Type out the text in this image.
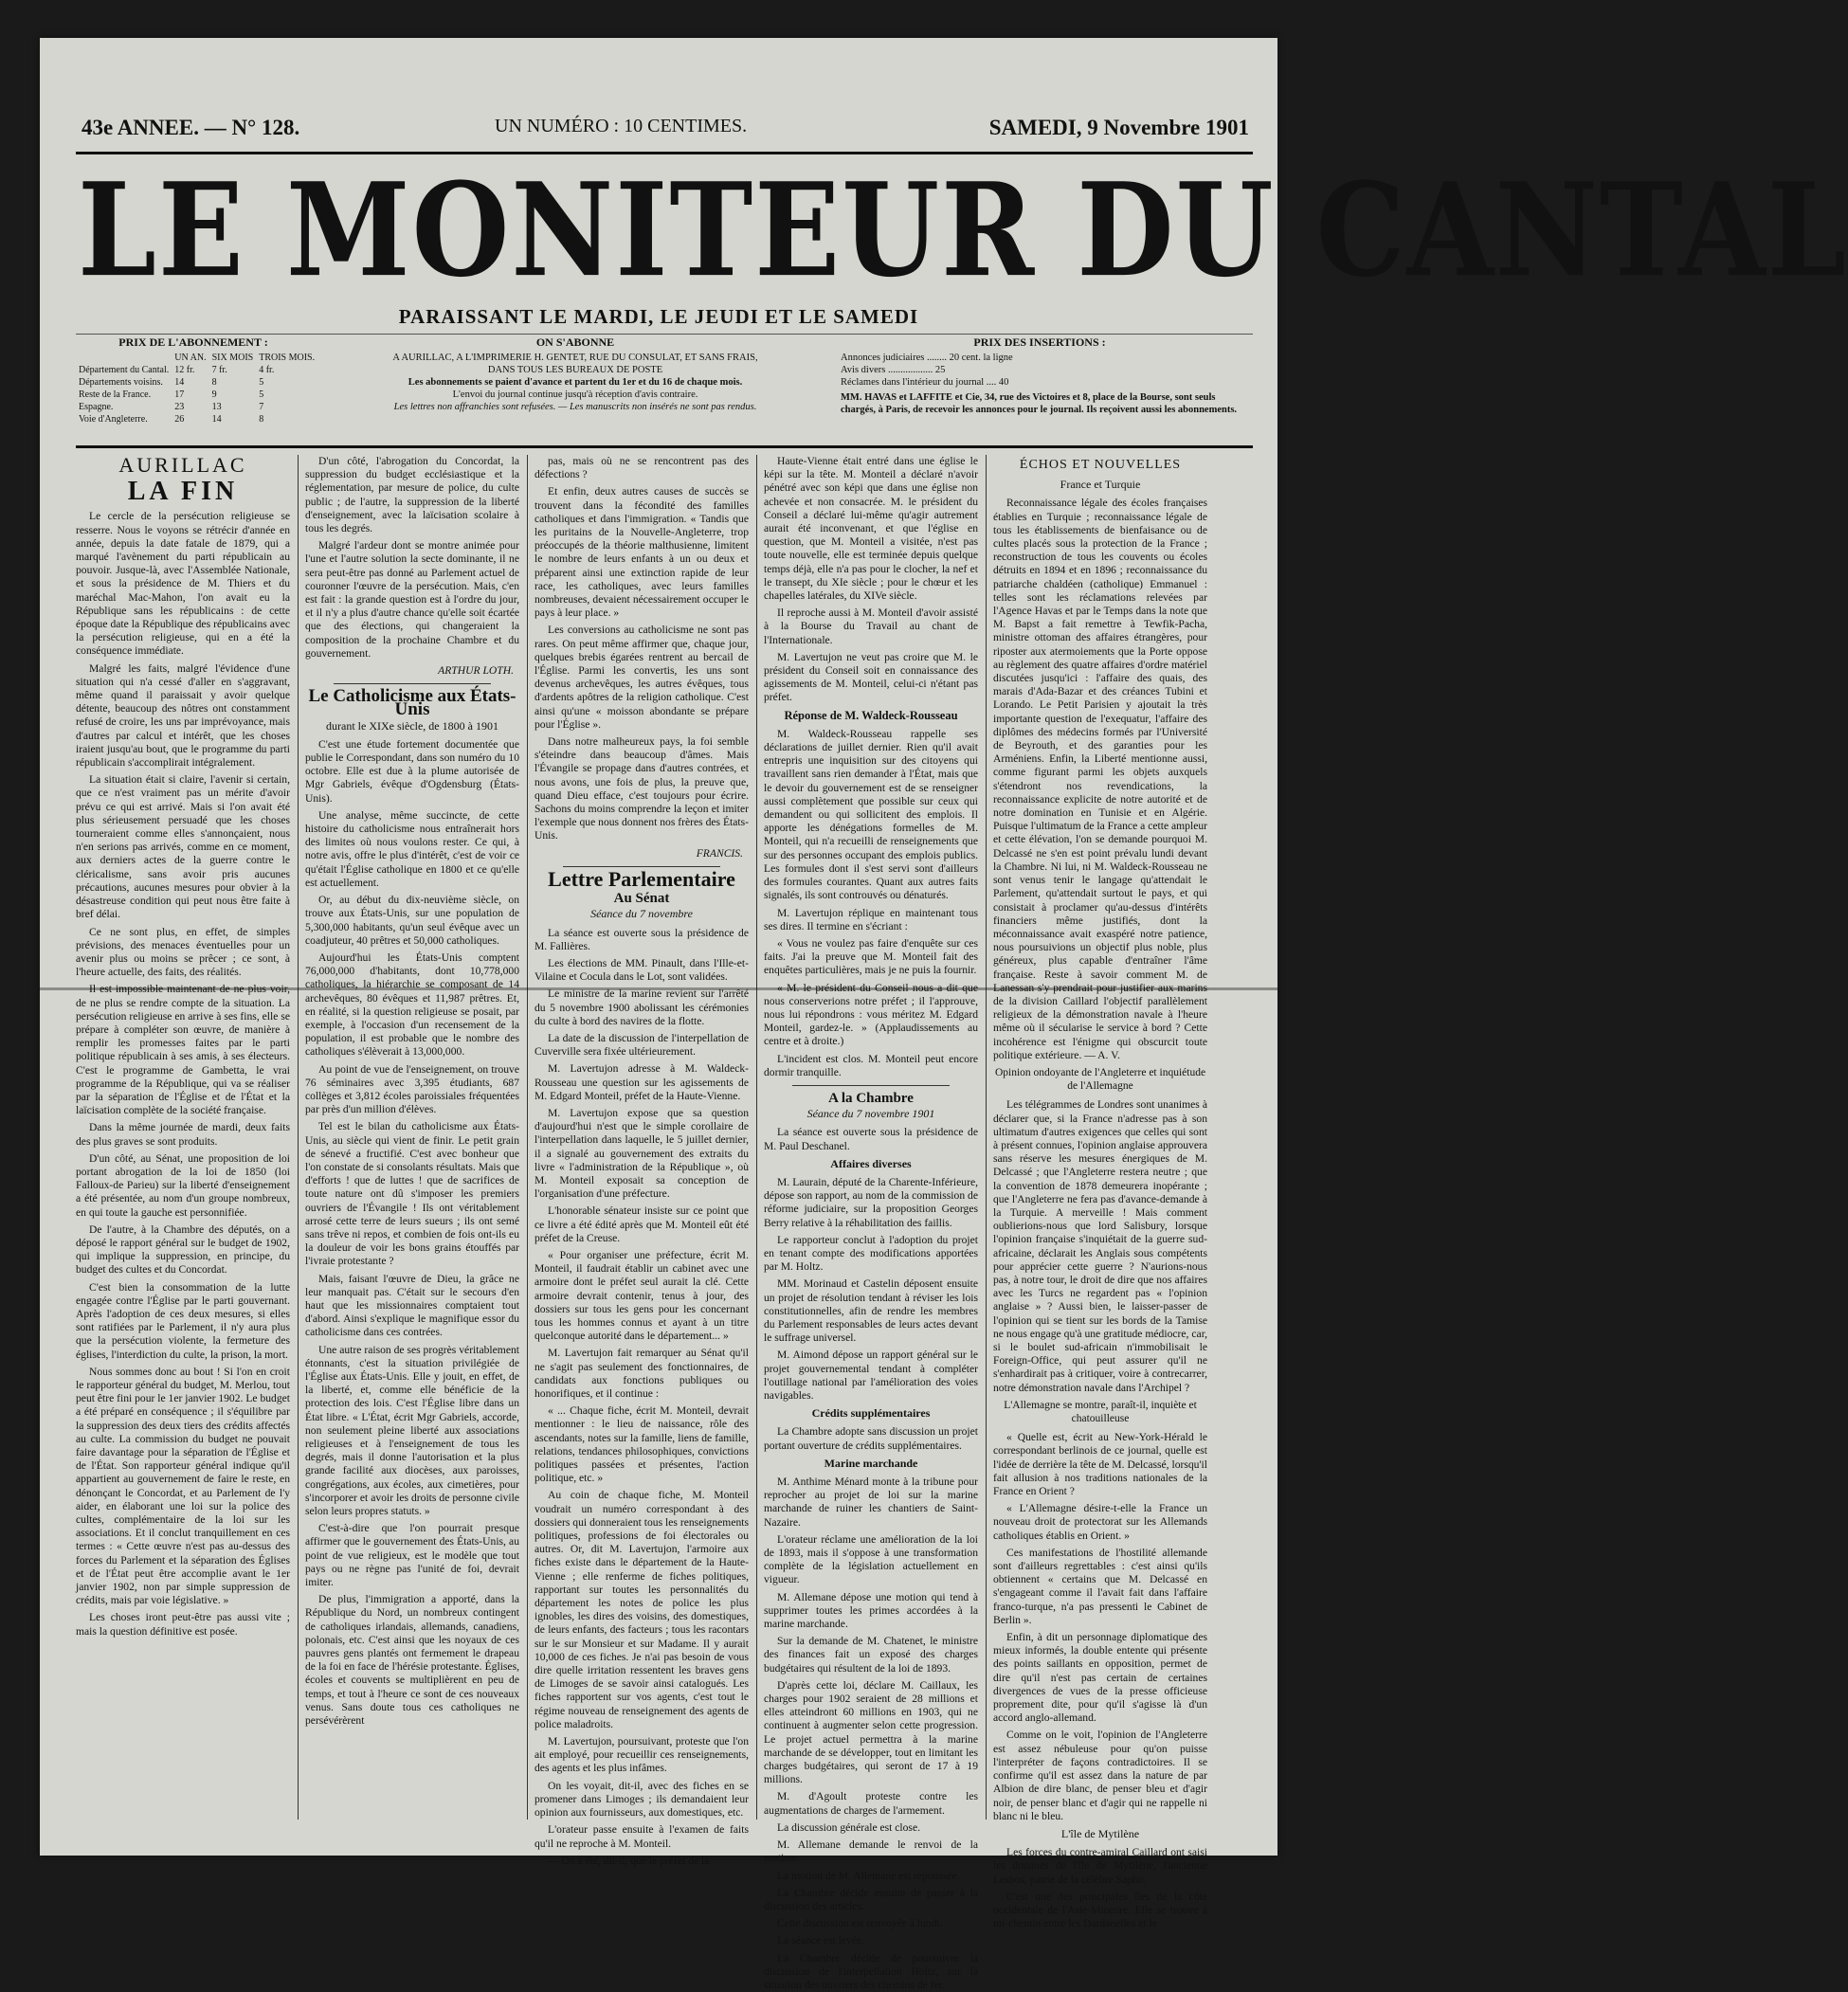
43e ANNEE. — N° 128.	UN NUMÉRO : 10 CENTIMES.	SAMEDI, 9 Novembre 1901
LE MONITEUR DU CANTAL
PARAISSANT LE MARDI, LE JEUDI ET LE SAMEDI
PRIX DE L'ABONNEMENT :
	UN AN.	SIX MOIS	TROIS MOIS.
Département du Cantal.	12 fr.	7 fr.	4 fr.
Départements voisins.	14	8	5
Reste de la France.	17	9	5
Espagne.	23	13	7
Voie d'Angleterre.	26	14	8
ON S'ABONNE
A AURILLAC, A L'IMPRIMERIE H. GENTET, RUE DU CONSULAT, ET SANS FRAIS,
DANS TOUS LES BUREAUX DE POSTE
Les abonnements se paient d'avance et partent du 1er et du 16 de chaque mois.
L'envoi du journal continue jusqu'à réception d'avis contraire.
Les lettres non affranchies sont refusées. — Les manuscrits non insérés ne sont pas rendus.
PRIX DES INSERTIONS :
Annonces judiciaires ........ 20 cent. la ligne
Avis divers .................. 25
Réclames dans l'intérieur du journal .... 40
MM. HAVAS et LAFFITE et Cie, 34, rue des Victoires et 8, place de la Bourse, sont seuls chargés, à Paris, de recevoir les annonces pour le journal. Ils reçoivent aussi les abonnements.
AURILLAC
LA FIN

Le cercle de la persécution religieuse se resserre. Nous le voyons se rétrécir d'année en année, depuis la date fatale de 1879, qui a marqué l'avènement du parti républicain au pouvoir. Jusque-là, avec l'Assemblée Nationale, et sous la présidence de M. Thiers et du maréchal Mac-Mahon, l'on avait eu la République sans les républicains : de cette époque date la République des républicains avec la persécution religieuse, qui en a été la conséquence immédiate.

Malgré les faits, malgré l'évidence d'une situation qui n'a cessé d'aller en s'aggravant, même quand il paraissait y avoir quelque détente, beaucoup des nôtres ont constamment refusé de croire, les uns par imprévoyance, mais d'autres par calcul et intérêt, que les choses iraient jusqu'au bout, que le programme du parti républicain s'accomplirait intégralement.

La situation était si claire, l'avenir si certain, que ce n'est vraiment pas un mérite d'avoir prévu ce qui est arrivé. Mais si l'on avait été plus sérieusement persuadé que les choses tourneraient comme elles s'annonçaient, nous n'en serions pas arrivés, comme en ce moment, aux derniers actes de la guerre contre le cléricalisme, sans avoir pris aucunes précautions, aucunes mesures pour obvier à la désastreuse condition qui peut nous être faite à bref délai.

Ce ne sont plus, en effet, de simples prévisions, des menaces éventuelles pour un avenir plus ou moins se prêcer ; ce sont, à l'heure actuelle, des faits, des réalités.

Il est impossible maintenant de ne plus voir, de ne plus se rendre compte de la situation. La persécution religieuse en arrive à ses fins, elle se prépare à compléter son œuvre, de manière à remplir les promesses faites par le parti politique républicain à ses amis, à ses électeurs. C'est le programme de Gambetta, le vrai programme de la République, qui va se réaliser par la séparation de l'Église et de l'État et la laïcisation complète de la société française.

Dans la même journée de mardi, deux faits des plus graves se sont produits.

D'un côté, au Sénat, une proposition de loi portant abrogation de la loi de 1850 (loi Falloux-de Parieu) sur la liberté d'enseignement a été présentée, au nom d'un groupe nombreux, en qui toute la gauche est personnifiée.

De l'autre, à la Chambre des députés, on a déposé le rapport général sur le budget de 1902, qui implique la suppression, en principe, du budget des cultes et du Concordat.

C'est bien la consommation de la lutte engagée contre l'Église par le parti gouvernant. Après l'adoption de ces deux mesures, si elles sont ratifiées par le Parlement, il n'y aura plus que la persécution violente, la fermeture des églises, l'interdiction du culte, la prison, la mort.

Nous sommes donc au bout ! Si l'on en croit le rapporteur général du budget, M. Merlou, tout peut être fini pour le 1er janvier 1902. Le budget a été préparé en conséquence ; il s'équilibre par la suppression des deux tiers des crédits affectés au culte. La commission du budget ne pouvait faire davantage pour la séparation de l'Église et de l'État. Son rapporteur général indique qu'il appartient au gouvernement de faire le reste, en dénonçant le Concordat, et au Parlement de l'y aider, en élaborant une loi sur la police des cultes, complémentaire de la loi sur les associations. Et il conclut tranquillement en ces termes : « Cette œuvre n'est pas au-dessus des forces du Parlement et la séparation des Églises et de l'État peut être accomplie avant le 1er janvier 1902, non par simple suppression de crédits, mais par voie législative. »

Les choses iront peut-être pas aussi vite ; mais la question définitive est posée.

D'un côté, l'abrogation du Concordat, la suppression du budget ecclésiastique et la réglementation, par mesure de police, du culte public ; de l'autre, la suppression de la liberté d'enseignement, avec la laïcisation scolaire à tous les degrés.

Malgré l'ardeur dont se montre animée pour l'une et l'autre solution la secte dominante, il ne sera peut-être pas donné au Parlement actuel de couronner l'œuvre de la persécution. Mais, c'en est fait : la grande question est à l'ordre du jour, et il n'y a plus d'autre chance qu'elle soit écartée que des élections, qui changeraient la composition de la prochaine Chambre et du gouvernement.

ARTHUR LOTH.
Le Catholicisme aux États-Unis
durant le XIXe siècle, de 1800 à 1901

C'est une étude fortement documentée que publie le Correspondant, dans son numéro du 10 octobre. Elle est due à la plume autorisée de Mgr Gabriels, évêque d'Ogdensburg (États-Unis).

Une analyse, même succincte, de cette histoire du catholicisme nous entraînerait hors des limites où nous voulons rester. Ce qui, à notre avis, offre le plus d'intérêt, c'est de voir ce qu'était l'Église catholique en 1800 et ce qu'elle est actuellement.

Or, au début du dix-neuvième siècle, on trouve aux États-Unis, sur une population de 5,300,000 habitants, qu'un seul évêque avec un coadjuteur, 40 prêtres et 50,000 catholiques.

Aujourd'hui les États-Unis comptent 76,000,000 d'habitants, dont 10,778,000 catholiques, la hiérarchie se composant de 14 archevêques, 80 évêques et 11,987 prêtres. Et, en réalité, si la question religieuse se posait, par exemple, à l'occasion d'un recensement de la population, il est probable que le nombre des catholiques s'élèverait à 13,000,000.

Au point de vue de l'enseignement, on trouve 76 séminaires avec 3,395 étudiants, 687 collèges et 3,812 écoles paroissiales fréquentées par près d'un million d'élèves.

Tel est le bilan du catholicisme aux États-Unis, au siècle qui vient de finir. Le petit grain de sénevé a fructifié. C'est avec bonheur que l'on constate de si consolants résultats. Mais que d'efforts ! que de luttes ! que de sacrifices de toute nature ont dû s'imposer les premiers ouvriers de l'Évangile ! Ils ont véritablement arrosé cette terre de leurs sueurs ; ils ont semé sans trêve ni repos, et combien de fois ont-ils eu la douleur de voir les bons grains étouffés par l'ivraie protestante ?

Mais, faisant l'œuvre de Dieu, la grâce ne leur manquait pas. C'était sur le secours d'en haut que les missionnaires comptaient tout d'abord. Ainsi s'explique le magnifique essor du catholicisme dans ces contrées.

Une autre raison de ses progrès véritablement étonnants, c'est la situation privilégiée de l'Église aux États-Unis. Elle y jouit, en effet, de la liberté, et, comme elle bénéficie de la protection des lois. C'est l'Église libre dans un État libre. « L'État, écrit Mgr Gabriels, accorde, non seulement pleine liberté aux associations religieuses et à l'enseignement de tous les degrés, mais il donne l'autorisation et la plus grande facilité aux diocèses, aux paroisses, congrégations, aux écoles, aux cimetières, pour s'incorporer et avoir les droits de personne civile selon leurs propres statuts. »

C'est-à-dire que l'on pourrait presque affirmer que le gouvernement des États-Unis, au point de vue religieux, est le modèle que tout pays ou ne règne pas l'unité de foi, devrait imiter.

De plus, l'immigration a apporté, dans la République du Nord, un nombreux contingent de catholiques irlandais, allemands, canadiens, polonais, etc. C'est ainsi que les noyaux de ces pauvres gens plantés ont fermement le drapeau de la foi en face de l'hérésie protestante. Églises, écoles et couvents se multiplièrent en peu de temps, et tout à l'heure ce sont de ces nouveaux venus. Sans doute tous ces catholiques ne persévérèrent

pas, mais où ne se rencontrent pas des défections ?

Et enfin, deux autres causes de succès se trouvent dans la fécondité des familles catholiques et dans l'immigration. « Tandis que les puritains de la Nouvelle-Angleterre, trop préoccupés de la théorie malthusienne, limitent le nombre de leurs enfants à un ou deux et préparent ainsi une extinction rapide de leur race, les catholiques, avec leurs familles nombreuses, devaient nécessairement occuper le pays à leur place. »

Les conversions au catholicisme ne sont pas rares. On peut même affirmer que, chaque jour, quelques brebis égarées rentrent au bercail de l'Église. Parmi les convertis, les uns sont devenus archevêques, les autres évêques, tous d'ardents apôtres de la religion catholique. C'est ainsi qu'une « moisson abondante se prépare pour l'Église ».

Dans notre malheureux pays, la foi semble s'éteindre dans beaucoup d'âmes. Mais l'Évangile se propage dans d'autres contrées, et nous avons, une fois de plus, la preuve que, quand Dieu efface, c'est toujours pour écrire. Sachons du moins comprendre la leçon et imiter l'exemple que nous donnent nos frères des États-Unis.

FRANCIS.
Lettre Parlementaire
Au Sénat
Séance du 7 novembre

La séance est ouverte sous la présidence de M. Fallières.

Les élections de MM. Pinault, dans l'Ille-et-Vilaine et Cocula dans le Lot, sont validées.

Le ministre de la marine revient sur l'arrêté du 5 novembre 1900 abolissant les cérémonies du culte à bord des navires de la flotte.

La date de la discussion de l'interpellation de Cuverville sera fixée ultérieurement.

M. Lavertujon adresse à M. Waldeck-Rousseau une question sur les agissements de M. Edgard Monteil, préfet de la Haute-Vienne.

M. Lavertujon expose que sa question d'aujourd'hui n'est que le simple corollaire de l'interpellation dans laquelle, le 5 juillet dernier, il a signalé au gouvernement des extraits du livre « l'administration de la République », où M. Monteil exposait sa conception de l'organisation d'une préfecture.

L'honorable sénateur insiste sur ce point que ce livre a été édité après que M. Monteil eût été préfet de la Creuse.

« Pour organiser une préfecture, écrit M. Monteil, il faudrait établir un cabinet avec une armoire dont le préfet seul aurait la clé. Cette armoire devrait contenir, tenus à jour, des dossiers sur tous les gens pour les concernant tous les hommes connus et ayant à un titre quelconque autorité dans le département... »

M. Lavertujon fait remarquer au Sénat qu'il ne s'agit pas seulement des fonctionnaires, de candidats aux fonctions publiques ou honorifiques, et il continue :

« ... Chaque fiche, écrit M. Monteil, devrait mentionner : le lieu de naissance, rôle des ascendants, notes sur la famille, liens de famille, relations, tendances philosophiques, convictions politiques passées et présentes, l'action politique, etc. »

Au coin de chaque fiche, M. Monteil voudrait un numéro correspondant à des dossiers qui donneraient tous les renseignements politiques, professions de foi électorales ou autres. Or, dit M. Lavertujon, l'armoire aux fiches existe dans le département de la Haute-Vienne ; elle renferme de fiches politiques, rapportant sur toutes les personnalités du département les notes de police les plus ignobles, les dires des voisins, des domestiques, de leurs enfants, des facteurs ; tous les racontars sur le sur Monsieur et sur Madame. Il y aurait 10,000 de ces fiches. Je n'ai pas besoin de vous dire quelle irritation ressentent les braves gens de Limoges de se savoir ainsi catalogués. Les fiches rapportent sur vos agents, c'est tout le régime nouveau de renseignement des agents de police maladroits.

M. Lavertujon, poursuivant, proteste que l'on ait employé, pour recueillir ces renseignements, des agents et les plus infâmes.

On les voyait, dit-il, avec des fiches en se promener dans Limoges ; ils demandaient leur opinion aux fournisseurs, aux domestiques, etc.

L'orateur passe ensuite à l'examen de faits qu'il ne reproche à M. Monteil.

— On a été, dit-il, que le préfet de la

Haute-Vienne était entré dans une église le képi sur la tête. M. Monteil a déclaré n'avoir pénétré avec son képi que dans une église non achevée et non consacrée. M. le président du Conseil a déclaré lui-même qu'agir autrement aurait été inconvenant, et que l'église en question, que M. Monteil a visitée, n'est pas toute nouvelle, elle est terminée depuis quelque temps déjà, elle n'a pas pour le clocher, la nef et le transept, du XIe siècle ; pour le chœur et les chapelles latérales, du XIVe siècle.

Il reproche aussi à M. Monteil d'avoir assisté à la Bourse du Travail au chant de l'Internationale.

M. Lavertujon ne veut pas croire que M. le président du Conseil soit en connaissance des agissements de M. Monteil, celui-ci n'étant pas préfet.

Réponse de M. Waldeck-Rousseau

M. Waldeck-Rousseau rappelle ses déclarations de juillet dernier. Rien qu'il avait entrepris une inquisition sur des citoyens qui travaillent sans rien demander à l'État, mais que le devoir du gouvernement est de se renseigner aussi complètement que possible sur ceux qui demandent ou qui sollicitent des emplois. Il apporte les dénégations formelles de M. Monteil, qui n'a recueilli de renseignements que sur des personnes occupant des emplois publics. Les formules dont il s'est servi sont d'ailleurs des formules courantes. Quant aux autres faits signalés, ils sont controuvés ou dénaturés.

M. Lavertujon réplique en maintenant tous ses dires. Il termine en s'écriant :

« Vous ne voulez pas faire d'enquête sur ces faits. J'ai la preuve que M. Monteil fait des enquêtes particulières, mais je ne puis la fournir.

« M. le président du Conseil nous a dit que nous conserverions notre préfet ; il l'approuve, nous lui répondrons : vous méritez M. Edgard Monteil, gardez-le. » (Applaudissements au centre et à droite.)

L'incident est clos. M. Monteil peut encore dormir tranquille.

A la Chambre
Séance du 7 novembre 1901

La séance est ouverte sous la présidence de M. Paul Deschanel.

Affaires diverses

M. Laurain, député de la Charente-Inférieure, dépose son rapport, au nom de la commission de réforme judiciaire, sur la proposition Georges Berry relative à la réhabilitation des faillis.

Le rapporteur conclut à l'adoption du projet en tenant compte des modifications apportées par M. Holtz.

MM. Morinaud et Castelin déposent ensuite un projet de résolution tendant à réviser les lois constitutionnelles, afin de rendre les membres du Parlement responsables de leurs actes devant le suffrage universel.

M. Aimond dépose un rapport général sur le projet gouvernemental tendant à compléter l'outillage national par l'amélioration des voies navigables.

Crédits supplémentaires

La Chambre adopte sans discussion un projet portant ouverture de crédits supplémentaires.

Marine marchande

M. Anthime Ménard monte à la tribune pour reprocher au projet de loi sur la marine marchande de ruiner les chantiers de Saint-Nazaire.

L'orateur réclame une amélioration de la loi de 1893, mais il s'oppose à une transformation complète de la législation actuellement en vigueur.

M. Allemane dépose une motion qui tend à supprimer toutes les primes accordées à la marine marchande.

Sur la demande de M. Chatenet, le ministre des finances fait un exposé des charges budgétaires qui résultent de la loi de 1893.

D'après cette loi, déclare M. Caillaux, les charges pour 1902 seraient de 28 millions et elles atteindront 60 millions en 1903, qui ne continuent à augmenter selon cette progression. Le projet actuel permettra à la marine marchande de se développer, tout en limitant les charges budgétaires, qui seront de 17 à 19 millions.

M. d'Agoult proteste contre les augmentations de charges de l'armement.

La discussion générale est close.

M. Allemane demande le renvoi de la motion.

La motion de M. Allemane est repoussée.

La Chambre décide ensuite de passer à la discussion des articles.

Cette discussion est renvoyée à lundi.

La séance est levée.

La Chambre décide de poursuivre la discussion de l'interpellation Holtz, sur la situation des ouvriers des chemins de fer.

ÉCHOS ET NOUVELLES
France et Turquie

Reconnaissance légale des écoles françaises établies en Turquie ; reconnaissance légale de tous les établissements de bienfaisance ou de cultes placés sous la protection de la France ; reconstruction de tous les couvents ou écoles détruits en 1894 et en 1896 ; reconnaissance du patriarche chaldéen (catholique) Emmanuel : telles sont les réclamations relevées par l'Agence Havas et par le Temps dans la note que M. Bapst a fait remettre à Tewfik-Pacha, ministre ottoman des affaires étrangères, pour riposter aux atermoiements que la Porte oppose au règlement des quatre affaires d'ordre matériel discutées jusqu'ici : l'affaire des quais, des marais d'Ada-Bazar et des créances Tubini et Lorando. Le Petit Parisien y ajoutait la très importante question de l'exequatur, l'affaire des diplômes des médecins formés par l'Université de Beyrouth, et des garanties pour les Arméniens. Enfin, la Liberté mentionne aussi, comme figurant parmi les objets auxquels s'étendront nos revendications, la reconnaissance explicite de notre autorité et de notre domination en Tunisie et en Algérie. Puisque l'ultimatum de la France a cette ampleur et cette élévation, l'on se demande pourquoi M. Delcassé ne s'en est point prévalu lundi devant la Chambre. Ni lui, ni M. Waldeck-Rousseau ne sont venus tenir le langage qu'attendait le Parlement, qu'attendait surtout le pays, et qui consistait à proclamer qu'au-dessus d'intérêts financiers même justifiés, dont la méconnaissance avait exaspéré notre patience, nous poursuivions un objectif plus noble, plus généreux, plus capable d'entraîner l'âme française. Reste à savoir comment M. de Lanessan s'y prendrait pour justifier aux marins de la division Caillard l'objectif parallèlement religieux de la démonstration navale à l'heure même où il sécularise le service à bord ? Cette incohérence est l'énigme qui obscurcit toute politique extérieure. — A. V.

Opinion ondoyante de l'Angleterre et inquiétude de l'Allemagne

Les télégrammes de Londres sont unanimes à déclarer que, si la France n'adresse pas à son ultimatum d'autres exigences que celles qui sont à présent connues, l'opinion anglaise approuvera sans réserve les mesures énergiques de M. Delcassé ; que l'Angleterre restera neutre ; que la convention de 1878 demeurera inopérante ; que l'Angleterre ne fera pas d'avance-demande à la Turquie. A merveille ! Mais comment oublierions-nous que lord Salisbury, lorsque l'opinion française s'inquiétait de la guerre sud-africaine, déclarait les Anglais sous compétents pour apprécier cette guerre ? N'aurions-nous pas, à notre tour, le droit de dire que nos affaires avec les Turcs ne regardent pas « l'opinion anglaise » ? Aussi bien, le laisser-passer de l'opinion qui se tient sur les bords de la Tamise ne nous engage qu'à une gratitude médiocre, car, si le boulet sud-africain n'immobilisait le Foreign-Office, qui peut assurer qu'il ne s'enhardirait pas à critiquer, voire à contrecarrer, notre démonstration navale dans l'Archipel ?

L'Allemagne se montre, paraît-il, inquiète et chatouilleuse

« Quelle est, écrit au New-York-Hérald le correspondant berlinois de ce journal, quelle est l'idée de derrière la tête de M. Delcassé, lorsqu'il fait allusion à nos traditions nationales de la France en Orient ?

« L'Allemagne désire-t-elle la France un nouveau droit de protectorat sur les Allemands catholiques établis en Orient. »

Ces manifestations de l'hostilité allemande sont d'ailleurs regrettables : c'est ainsi qu'ils obtiennent « certains que M. Delcassé en s'engageant comme il l'avait fait dans l'affaire franco-turque, n'a pas pressenti le Cabinet de Berlin ».

Enfin, à dit un personnage diplomatique des mieux informés, la double entente qui présente des points saillants en opposition, permet de dire qu'il n'est pas certain de certaines divergences de vues de la presse officieuse proprement dite, pour qu'il s'agisse là d'un accord anglo-allemand.

Comme on le voit, l'opinion de l'Angleterre est assez nébuleuse pour qu'on puisse l'interpréter de façons contradictoires. Il se confirme qu'il est assez dans la nature de par Albion de dire blanc, de penser bleu et d'agir noir, de penser blanc et d'agir qui ne rappelle ni blanc ni le bleu.

L'île de Mytilène

Les forces du contre-amiral Caillard ont saisi les douanes de l'île de Mytilène, l'ancienne Lesbos, patrie de la célèbre Sapho.

C'est une des principales îles de la côte occidentale de l'Asie-Mineure. Elle se trouve à mi-chemin entre les Dardanelles et le
